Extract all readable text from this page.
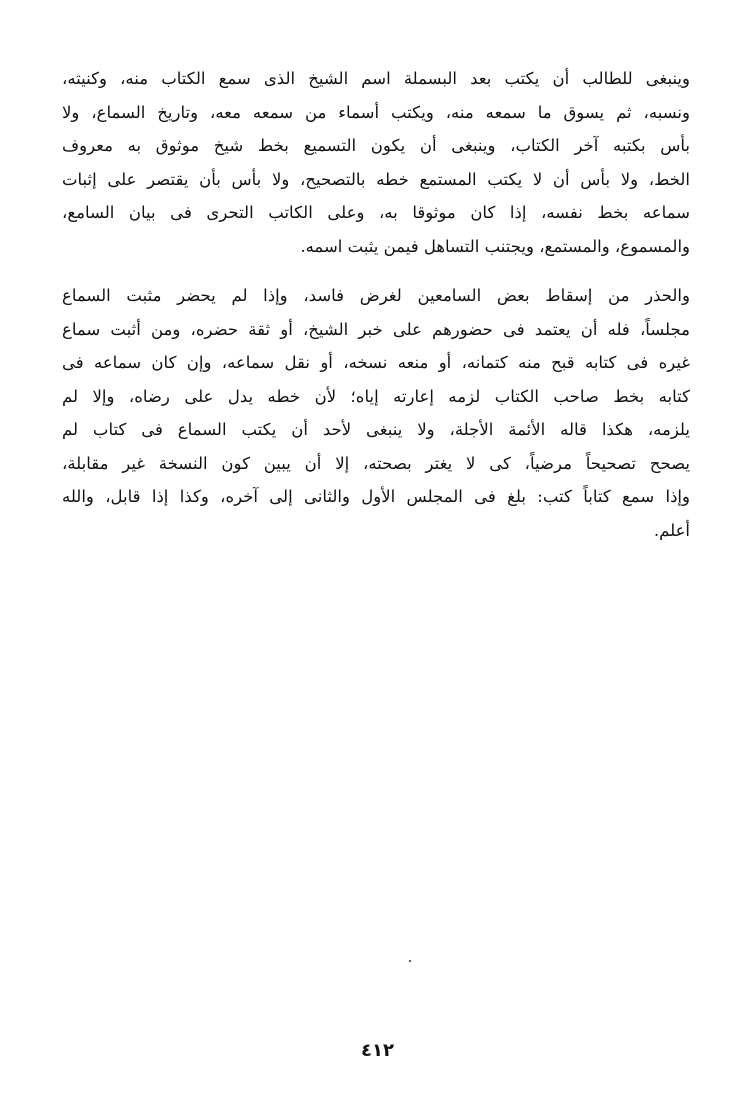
وينبغى للطالب أن يكتب بعد البسملة اسم الشيخ الذى سمع الكتاب منه، وكنيته،
ونسبه، ثم يسوق ما سمعه منه، ويكتب أسماء من سمعه معه، وتاريخ السماع، ولا
بأس بكتبه آخر الكتاب، وينبغى أن يكون التسميع بخط شيخ موثوق به معروف
الخط، ولا بأس أن لا يكتب المستمع خطه بالتصحيح، ولا بأس بأن يقتصر على إثبات
سماعه بخط نفسه، إذا كان موثوقا به، وعلى الكاتب التحرى فى بيان السامع،
والمسموع، والمستمع، ويجتنب التساهل فيمن يثبت اسمه.
والحذر من إسقاط بعض السامعين لغرض فاسد، وإذا لم يحضر مثبت السماع
مجلساً، فله أن يعتمد فى حضورهم على خبر الشيخ، أو ثقة حضره، ومن أثبت سماع
غيره فى كتابه قبح منه كتمانه، أو منعه نسخه، أو نقل سماعه، وإن كان سماعه فى
كتابه بخط صاحب الكتاب لزمه إعارته إياه؛ لأن خطه يدل على رضاه، وإلا لم
يلزمه، هكذا قاله الأئمة الأجلة، ولا ينبغى لأحد أن يكتب السماع فى كتاب لم
يصحح تصحيحاً مرضياً، كى لا يغتر بصحته، إلا أن يبين كون النسخة غير مقابلة،
وإذا سمع كتاباً كتب: بلغ فى المجلس الأول والثانى إلى آخره، وكذا إذا قابل، والله
أعلم.
٤١٢
